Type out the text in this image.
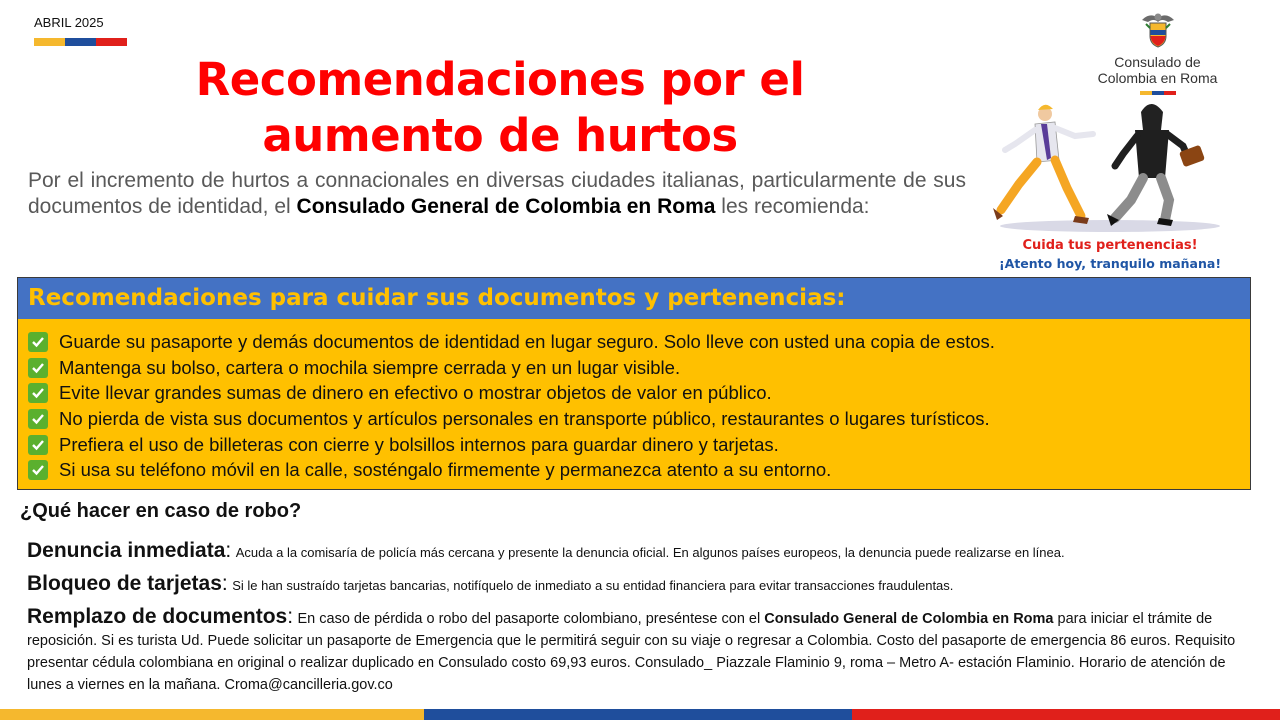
ABRIL 2025
Recomendaciones por el
aumento de hurtos

Por el incremento de hurtos a connacionales en diversas ciudades italianas, particularmente de sus documentos de identidad, el Consulado General de Colombia en Roma les recomienda:

Consulado de
Colombia en Roma
Cuida tus pertenencias!
¡Atento hoy, tranquilo mañana!
Recomendaciones para cuidar sus documentos y pertenencias:
Guarde su pasaporte y demás documentos de identidad en lugar seguro. Solo lleve con usted una copia de estos.
Mantenga su bolso, cartera o mochila siempre cerrada y en un lugar visible.
Evite llevar grandes sumas de dinero en efectivo o mostrar objetos de valor en público.
No pierda de vista sus documentos y artículos personales en transporte público, restaurantes o lugares turísticos.
Prefiera el uso de billeteras con cierre y bolsillos internos para guardar dinero y tarjetas.
Si usa su teléfono móvil en la calle, sosténgalo firmemente y permanezca atento a su entorno.
¿Qué hacer en caso de robo?
Denuncia inmediata: Acuda a la comisaría de policía más cercana y presente la denuncia oficial. En algunos países europeos, la denuncia puede realizarse en línea.
Bloqueo de tarjetas: Si le han sustraído tarjetas bancarias, notifíquelo de inmediato a su entidad financiera para evitar transacciones fraudulentas.
Remplazo de documentos: En caso de pérdida o robo del pasaporte colombiano, preséntese con el Consulado General de Colombia en Roma para iniciar el trámite de reposición. Si es turista Ud. Puede solicitar un pasaporte de Emergencia que le permitirá seguir con su viaje o regresar a Colombia. Costo del pasaporte de emergencia 86 euros. Requisito presentar cédula colombiana en original o realizar duplicado en Consulado costo 69,93 euros. Consulado_ Piazzale Flaminio 9, roma – Metro A- estación Flaminio. Horario de atención de lunes a viernes en la mañana. Croma@cancilleria.gov.co
